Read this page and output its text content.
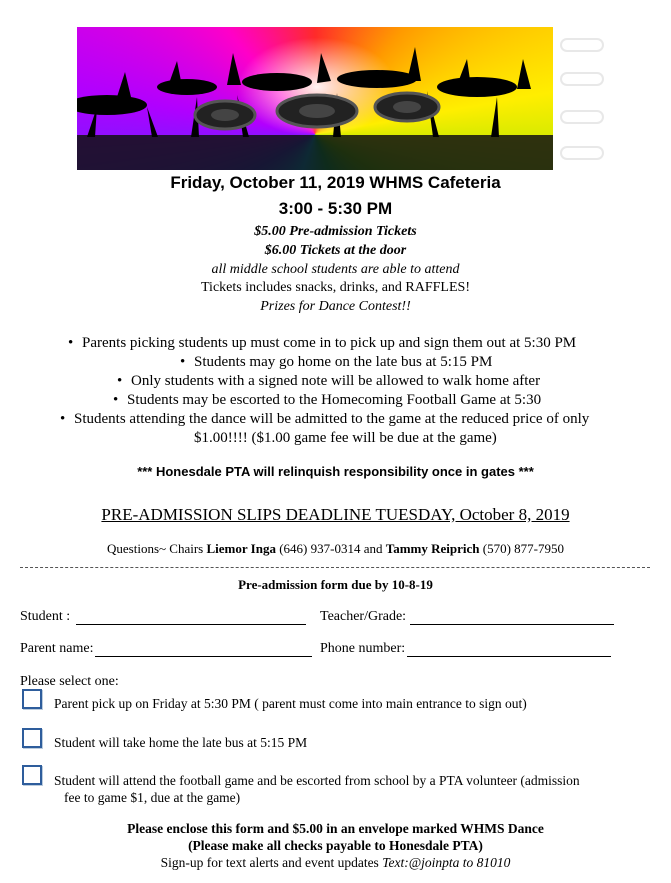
Friday, October 11, 2019 WHMS Cafeteria
3:00 - 5:30 PM
$5.00 Pre-admission Tickets
$6.00 Tickets at the door
all middle school students are able to attend
Tickets includes snacks, drinks, and RAFFLES!
Prizes for Dance Contest!!
• Parents picking students up must come in to pick up and sign them out at 5:30 PM
• Students may go home on the late bus at 5:15 PM
• Only students with a signed note will be allowed to walk home after
• Students may be escorted to the Homecoming Football Game at 5:30
• Students attending the dance will be admitted to the game at the reduced price of only
$1.00!!!! ($1.00 game fee will be due at the game)
*** Honesdale PTA will relinquish responsibility once in gates ***
PRE-ADMISSION SLIPS DEADLINE TUESDAY, October 8, 2019
Questions~ Chairs Liemor Inga (646) 937-0314 and Tammy Reiprich (570) 877-7950
Pre-admission form due by 10-8-19
Student :	Teacher/Grade:
Parent name:	Phone number:
Please select one:
Parent pick up on Friday at 5:30 PM ( parent must come into main entrance to sign out)
Student will take home the late bus at 5:15 PM
Student will attend the football game and be escorted from school by a PTA volunteer (admission
fee to game $1, due at the game)
Please enclose this form and $5.00 in an envelope marked WHMS Dance
(Please make all checks payable to Honesdale PTA)
Sign-up for text alerts and event updates Text:@joinpta to 81010
